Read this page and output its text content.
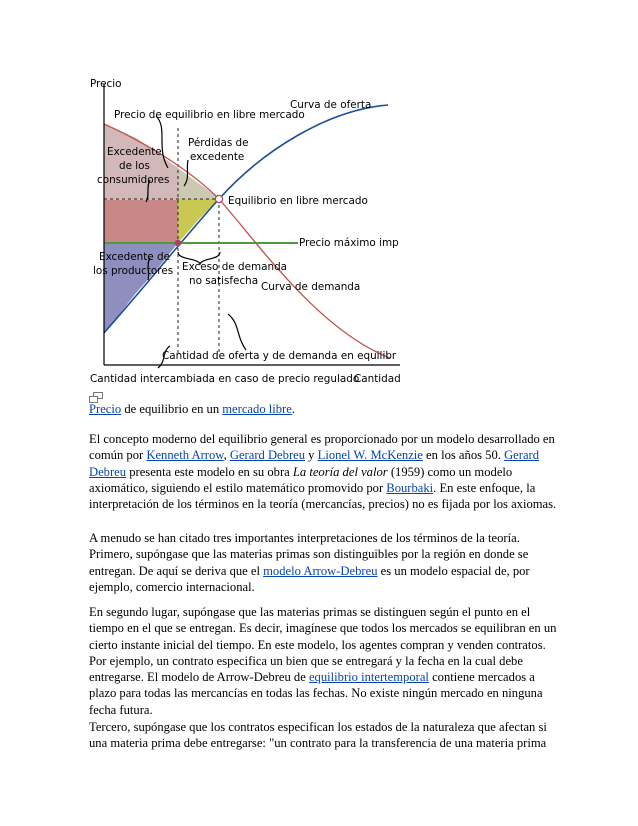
Precio
Precio de equilibrio en libre mercado
Curva de oferta
Pérdidas de
excedente
Excedente
de los
consumidores
Equilibrio en libre mercado
Precio máximo imp
Excedente de
los productores Exceso de demanda
no satisfecha Curva de demanda
Cantidad de oferta y de demanda en equilibr
Cantidad intercambiada en caso de precio regulado
Cantidad
Precio de equilibrio en un mercado libre.

El concepto moderno del equilibrio general es proporcionado por un modelo desarrollado en común por Kenneth Arrow, Gerard Debreu y Lionel W. McKenzie en los años 50. Gerard Debreu presenta este modelo en su obra La teoría del valor (1959) como un modelo axiomático, siguiendo el estilo matemático promovido por Bourbaki. En este enfoque, la interpretación de los términos en la teoría (mercancías, precios) no es fijada por los axiomas.

A menudo se han citado tres importantes interpretaciones de los términos de la teoría. Primero, supóngase que las materias primas son distinguibles por la región en donde se entregan. De aquí se deriva que el modelo Arrow-Debreu es un modelo espacial de, por ejemplo, comercio internacional.

En segundo lugar, supóngase que las materias primas se distinguen según el punto en el tiempo en el que se entregan. Es decir, imagínese que todos los mercados se equilibran en un cierto instante inicial del tiempo. En este modelo, los agentes compran y venden contratos. Por ejemplo, un contrato especifica un bien que se entregará y la fecha en la cual debe entregarse. El modelo de Arrow-Debreu de equilibrio intertemporal contiene mercados a plazo para todas las mercancías en todas las fechas. No existe ningún mercado en ninguna fecha futura.

Tercero, supóngase que los contratos especifican los estados de la naturaleza que afectan si una materia prima debe entregarse: "un contrato para la transferencia de una materia prima
